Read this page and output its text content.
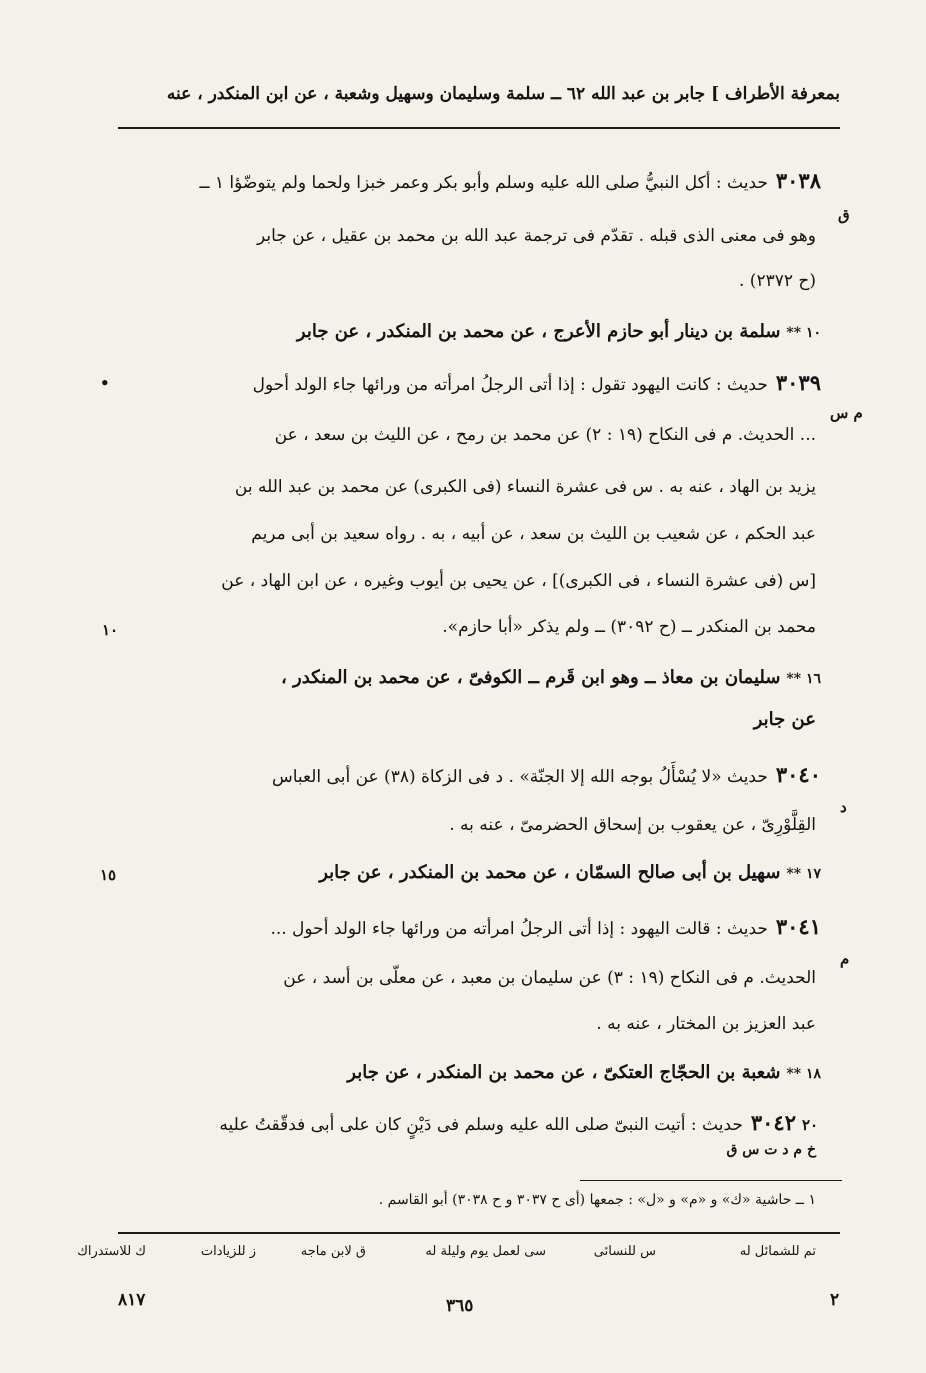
بمعرفة الأطراف ] جابر بن عبد الله ٦٢ ــ سلمة وسليمان وسهيل وشعبة ، عن ابن المنكدر ، عنه
٣٠٣٨حديث : أكل النبيُّ صلى الله عليه وسلم وأبو بكر وعمر خبزا ولحما ولم يتوضّؤا ١ ــ
ق
وهو فى معنى الذى قبله . تقدّم فى ترجمة عبد الله بن محمد بن عقيل ، عن جابر
(ح ٢٣٧٢) .
١٠ **سلمة بن دينار أبو حازم الأعرج ، عن محمد بن المنكدر ، عن جابر
•	٣٠٣٩حديث : كانت اليهود تقول : إذا أتى الرجلُ امرأته من ورائها جاء الولد أحول
م س
... الحديث. م فى النكاح (١٩ : ٢) عن محمد بن رمح ، عن الليث بن سعد ، عن
يزيد بن الهاد ، عنه به . س فى عشرة النساء (فى الكبرى) عن محمد بن عبد الله بن
عبد الحكم ، عن شعيب بن الليث بن سعد ، عن أبيه ، به . رواه سعيد بن أبى مريم
[س (فى عشرة النساء ، فى الكبرى)] ، عن يحيى بن أيوب وغيره ، عن ابن الهاد ، عن
محمد بن المنكدر ــ (ح ٣٠٩٢) ــ ولم يذكر «أبا حازم».
١٠
١٦ **سليمان بن معاذ ــ وهو ابن قَرم ــ الكوفىّ ، عن محمد بن المنكدر ،
عن جابر
٣٠٤٠حديث «لا يُسْأَلُ بوجه الله إلا الجنّة» . د فى الزكاة (٣٨) عن أبى العباس
د
القِلَّوْرِىّ ، عن يعقوب بن إسحاق الحضرمىّ ، عنه به .
١٧ **سهيل بن أبى صالح السمّان ، عن محمد بن المنكدر ، عن جابر
١٥
٣٠٤١حديث : قالت اليهود : إذا أتى الرجلُ امرأته من ورائها جاء الولد أحول ...
م
الحديث. م فى النكاح (١٩ : ٣) عن سليمان بن معبد ، عن معلّى بن أسد ، عن
عبد العزيز بن المختار ، عنه به .
١٨ **شعبة بن الحجّاج العتكىّ ، عن محمد بن المنكدر ، عن جابر
٣٠٤٢حديث : أتيت النبىّ صلى الله عليه وسلم فى دَيْنٍ كان على أبى فدقّقتُ عليه	٢٠
خ م د ت س ق
١ ــ حاشية «ك» و «م» و «ل» : جمعها (أى ح ٣٠٣٧ و ح ٣٠٣٨) أبو القاسم .
تم للشمائل له
س للنسائى
سى لعمل يوم وليلة له
ق لابن ماجه
ز للزيادات
ك للاستدراك
٢
٣٦٥
٨١٧
